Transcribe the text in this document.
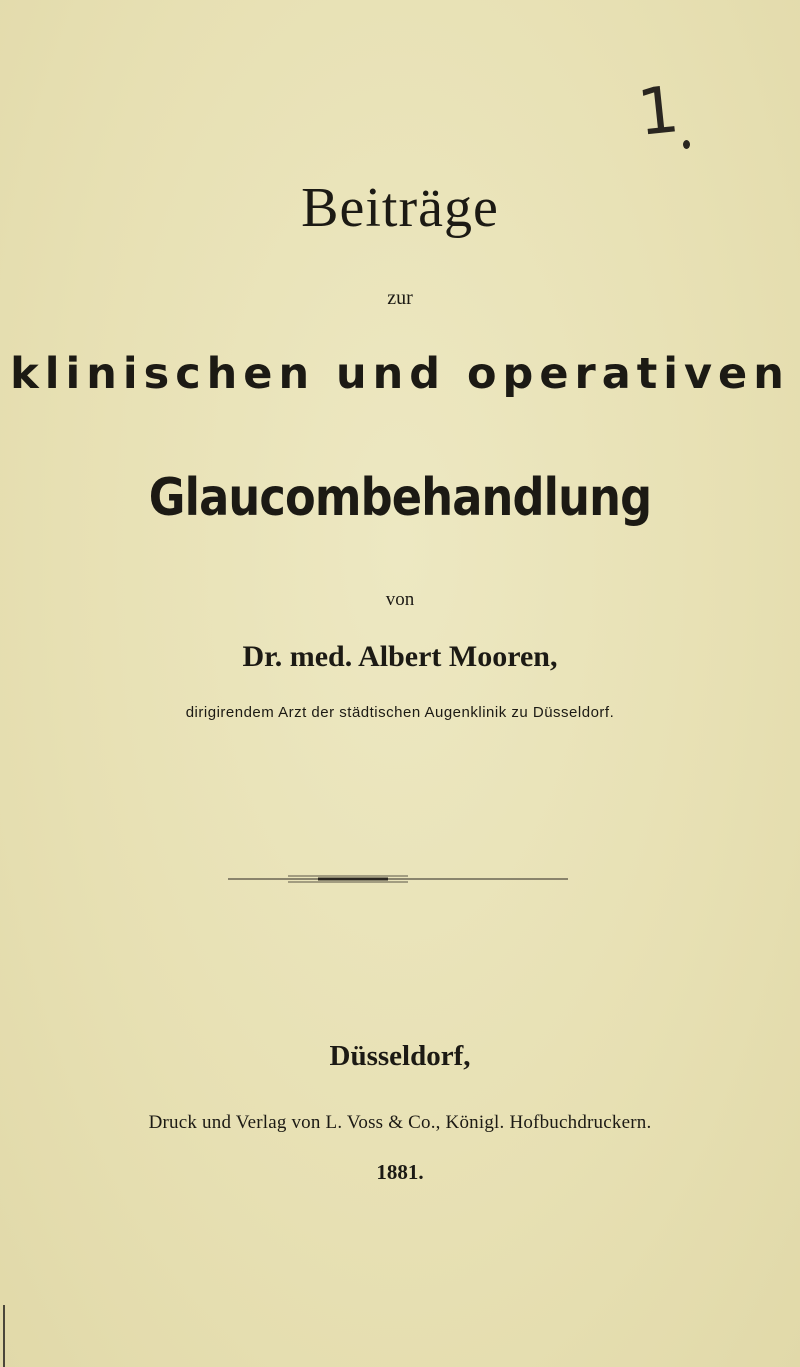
1
Beiträge
zur
klinischen und operativen
Glaucombehandlung
von
Dr. med. Albert Mooren,
dirigirendem Arzt der städtischen Augenklinik zu Düsseldorf.
Düsseldorf,
Druck und Verlag von L. Voss & Co., Königl. Hofbuchdruckern.
1881.
